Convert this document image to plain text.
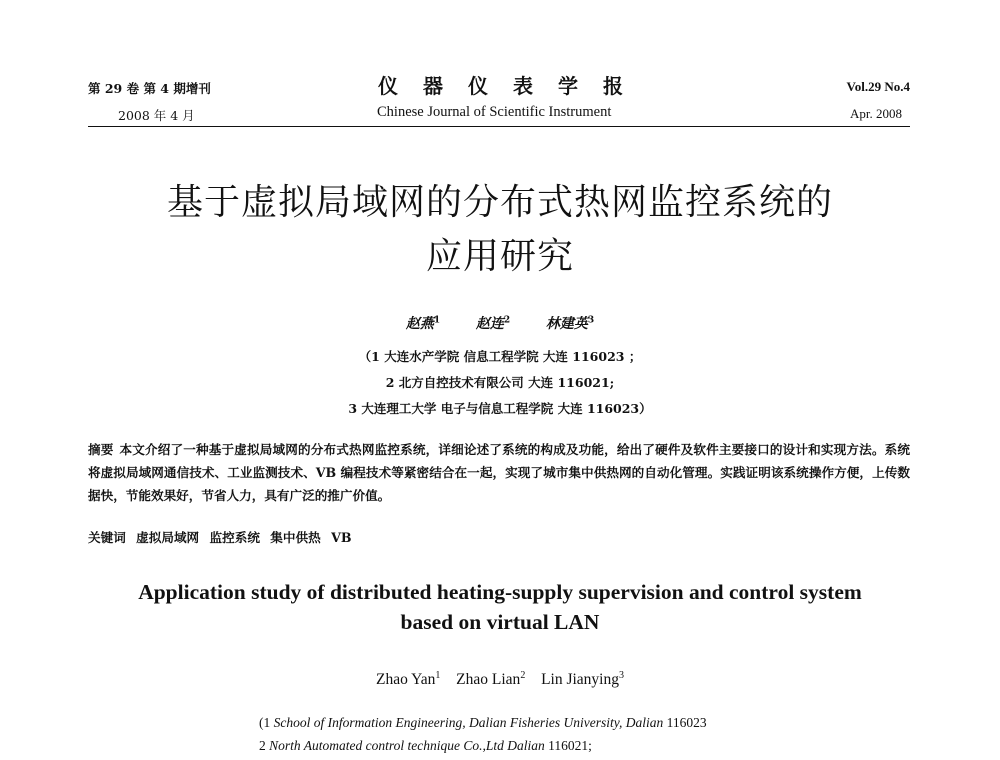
第 29 卷 第 4 期增刊
2008 年 4 月
仪器仪表学报
Chinese Journal of Scientific Instrument
Vol.29 No.4
Apr. 2008
基于虚拟局域网的分布式热网监控系统的
应用研究
赵燕$^1$	赵连$^2$	林建英$^3$
（1 大连水产学院 信息工程学院 大连 116023 ；
2 北方自控技术有限公司 大连 116021;
3 大连理工大学 电子与信息工程学院 大连 116023）
摘要 本文介绍了一种基于虚拟局域网的分布式热网监控系统，详细论述了系统的构成及功能，给出了硬件及软件主要接口的设计和实现方法。系统将虚拟局域网通信技术、工业监测技术、VB 编程技术等紧密结合在一起，实现了城市集中供热网的自动化管理。实践证明该系统操作方便，上传数据快，节能效果好，节省人力，具有广泛的推广价值。
关键词 虚拟局域网 监控系统 集中供热 VB
Application study of distributed heating-supply supervision and control system
based on virtual LAN
Zhao Yan$^1$ Zhao Lian$^2$ Lin Jianying$^3$
(1 School of Information Engineering, Dalian Fisheries University, Dalian 116023
2 North Automated control technique Co.,Ltd Dalian 116021;
